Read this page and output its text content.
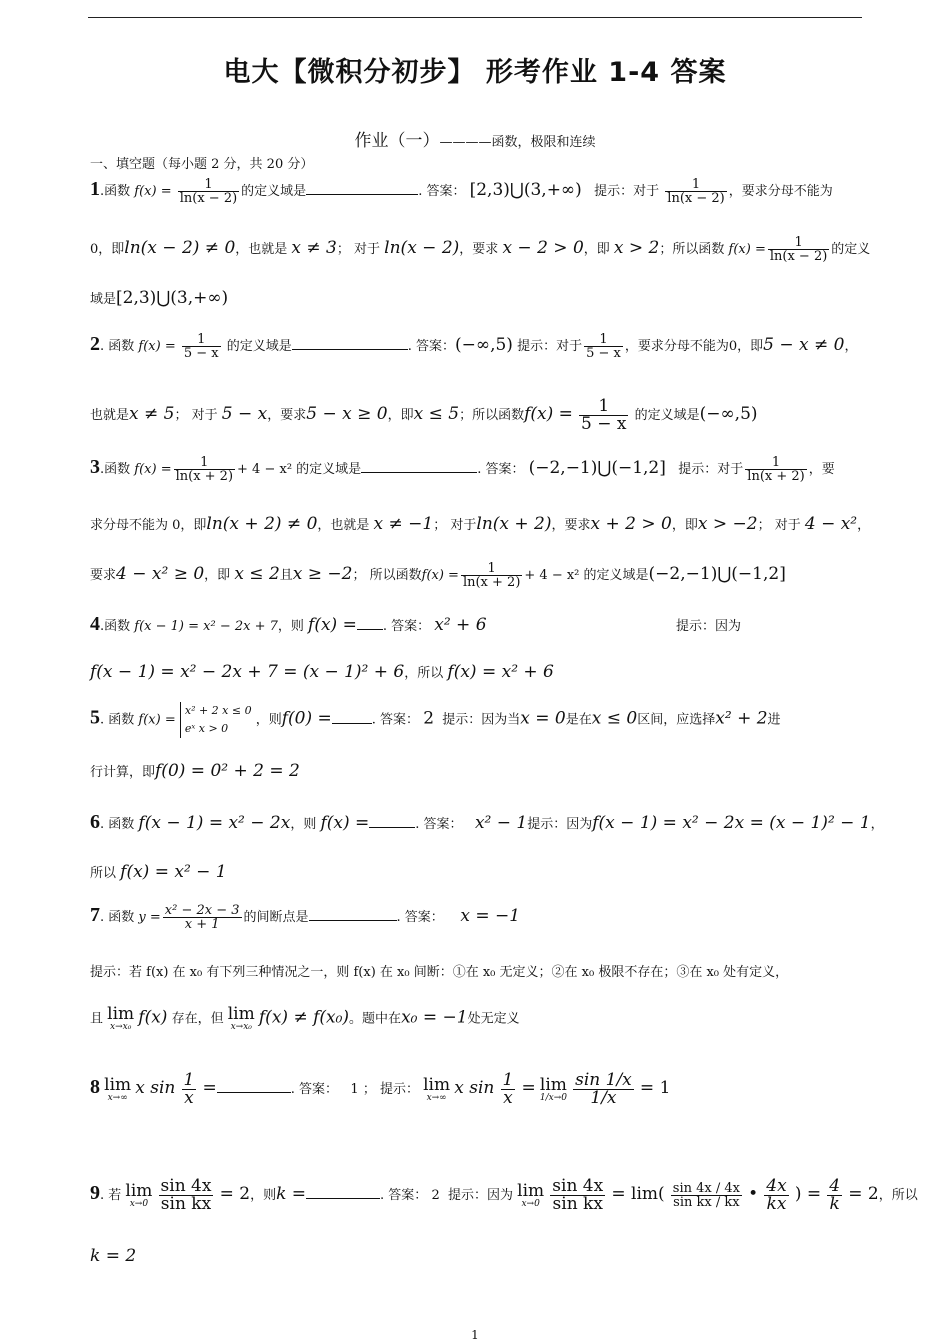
电大【微积分初步】 形考作业 1-4 答案
作业（一）————函数，极限和连续
一、填空题（每小题 2 分，共 20 分）
1.函数 $f(x) = \frac{1}{\ln(x - 2)}$ 的定义域是	. 答案： [2,3)⋃(3,+∞) 提示：对于 $\frac{1}{\ln(x - 2)}$ ，要求分母不能为
0，即ln(x − 2) ≠ 0，也就是 x ≠ 3； 对于 ln(x − 2)，要求 x − 2 > 0，即 x > 2；所以函数 $f(x) = \frac{1}{\ln(x - 2)}$ 的定义
域是[2,3)⋃(3,+∞)
2. 函数 $f(x) = \frac{1}{5 - x}$ 的定义域是	. 答案：(−∞,5) 提示：对于 $\frac{1}{5 - x}$ ，要求分母不能为0，即5 − x ≠ 0，
也就是x ≠ 5； 对于 5 − x，要求5 − x ≥ 0，即x ≤ 5；所以函数$f(x) = \frac{1}{5 - x}$ 的定义域是(−∞,5)
3.函数 $f(x) = \frac{1}{\ln(x + 2)} + 4 - x^2$ 的定义域是	. 答案： (−2,−1)⋃(−1,2] 提示：对于 $\frac{1}{\ln(x + 2)}$ ，要
求分母不能为 0，即ln(x + 2) ≠ 0，也就是 x ≠ −1； 对于ln(x + 2)，要求x + 2 > 0，即x > −2； 对于 4 − x²，
要求4 − x² ≥ 0，即 x ≤ 2且x ≥ −2； 所以函数$f(x) = \frac{1}{\ln(x + 2)} + 4 - x^2$ 的定义域是(−2,−1)⋃(−1,2]
4.函数 f(x − 1) = x² − 2x + 7，则 f(x) = . 答案： x² + 6	提示：因为
f(x − 1) = x² − 2x + 7 = (x − 1)² + 6，所以 f(x) = x² + 6
5. 函数 f(x) =
x² + 2 x ≤ 0
eˣ x > 0
，则f(0) =	. 答案： 2 提示：因为当x = 0是在x ≤ 0区间，应选择x² + 2进
行计算，即f(0) = 0² + 2 = 2
6. 函数 f(x − 1) = x² − 2x，则 f(x) =	. 答案： x² − 1提示：因为f(x − 1) = x² − 2x = (x − 1)² − 1，
所以 f(x) = x² − 1
7. 函数 $y = \frac{\text{x² − 2x − 3}}{x + 1}$ 的间断点是	. 答案： x = −1
提示：若 f(x) 在 x₀ 有下列三种情况之一，则 f(x) 在 x₀ 间断：①在 x₀ 无定义；②在 x₀ 极限不存在；③在 x₀ 处有定义，
且 lim
x→x₀ f(x) 存在，但 lim
x→x₀ f(x) ≠ f(x₀)。题中在x₀ = −1处无定义
8 lim
x→∞ x $\sin \frac{1}{x}$ =	. 答案： 1 ； 提示： lim
x→∞ x $\sin \frac{1}{x} = \lim$
1/x→0
$\frac{\sin 1/x}{1/x} = 1$
9. 若 lim
x→0
$\frac{\sin 4x}{\text{sin kx}} = 2$，则k =	. 答案： 2 提示：因为 lim
x→0
$\frac{\sin 4x}{\text{sin kx}} = \lim( \frac{\sin 4x / 4x}{\text{sin kx / kx}}$ • $\frac{4x}{kx}$ ) = $\frac{4}{k} = 2$，所以
k = 2
1
